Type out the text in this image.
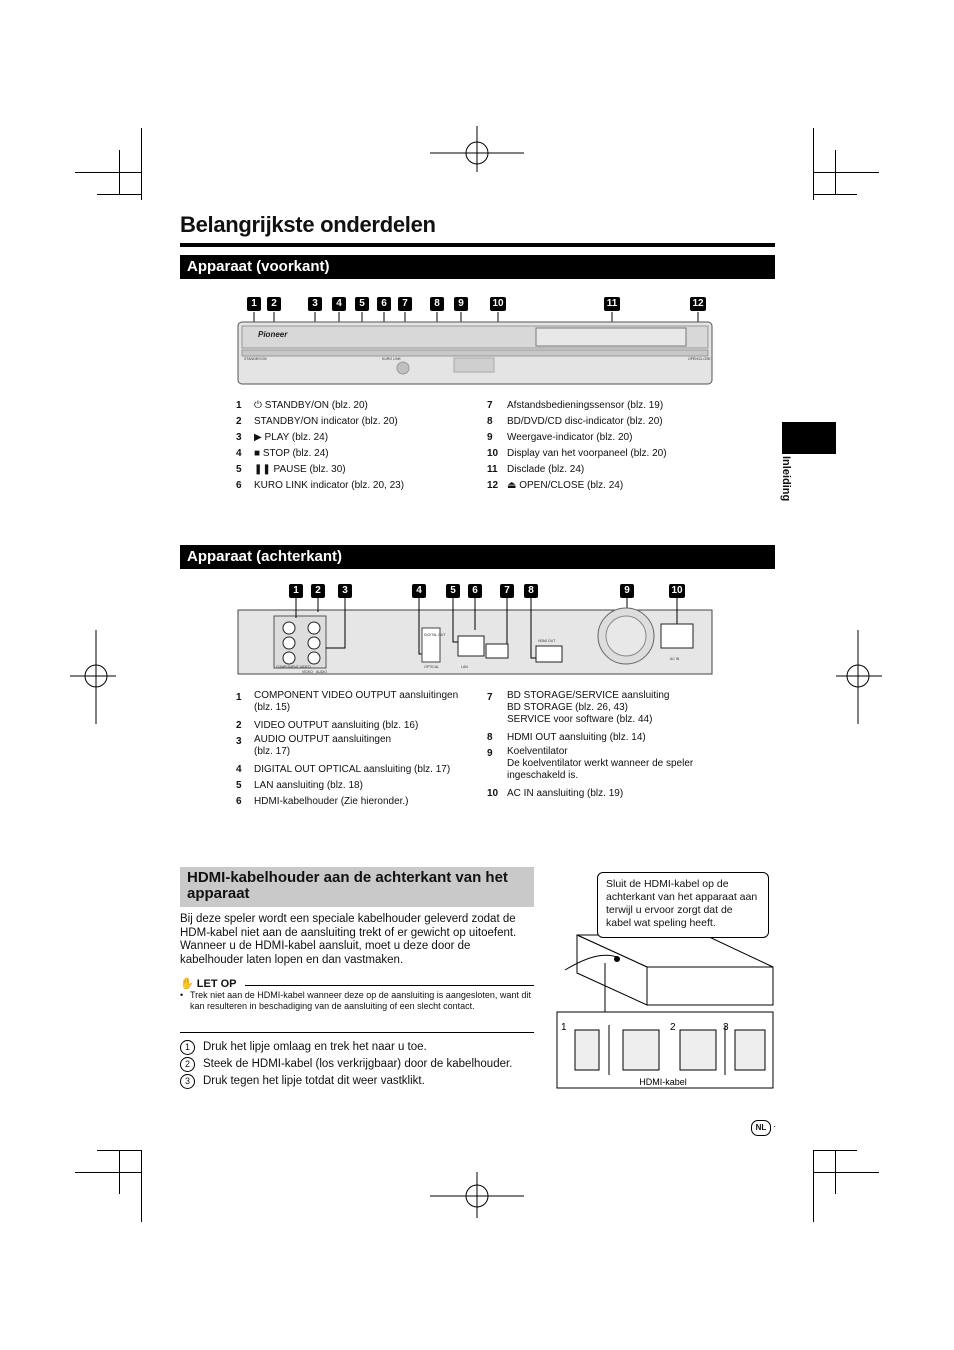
Inleiding
Belangrijkste onderdelen
Apparaat (voorkant)
1	2	3	4	5	6	7	8	9	10	11	12
Pioneer
STANDBY/ON	KURO LINK	OPEN/CLOSE
1	⏻ STANDBY/ON (blz. 20)
2	STANDBY/ON indicator (blz. 20)
3	▶ PLAY (blz. 24)
4	■ STOP (blz. 24)
5	❚❚ PAUSE (blz. 30)
6	KURO LINK indicator (blz. 20, 23)
7	Afstandsbedieningssensor (blz. 19)
8	BD/DVD/CD disc-indicator (blz. 20)
9	Weergave-indicator (blz. 20)
10 Display van het voorpaneel (blz. 20)
11 Disclade (blz. 24)
12 ⏏ OPEN/CLOSE (blz. 24)
Apparaat (achterkant)
1	2	3	4	5	6	7	8	9	10
COMPONENT VIDEO
VIDEO AUDIO
DIGITAL OUT
OPTICAL	LAN
HDMI OUT
AC IN
1	COMPONENT VIDEO OUTPUT aansluitingen
(blz. 15)
2	VIDEO OUTPUT aansluiting (blz. 16)
3	AUDIO OUTPUT aansluitingen
(blz. 17)
4	DIGITAL OUT OPTICAL aansluiting (blz. 17)
5	LAN aansluiting (blz. 18)
6	HDMI-kabelhouder (Zie hieronder.)
7	BD STORAGE/SERVICE aansluiting
BD STORAGE (blz. 26, 43)
SERVICE voor software (blz. 44)
8	HDMI OUT aansluiting (blz. 14)
9	Koelventilator
De koelventilator werkt wanneer de speler
ingeschakeld is.
10 AC IN aansluiting (blz. 19)
HDMI-kabelhouder aan de achterkant van het apparaat
Bij deze speler wordt een speciale kabelhouder geleverd zodat de HDM-kabel niet aan de aansluiting trekt of er gewicht op uitoefent. Wanneer u de HDMI-kabel aansluit, moet u deze door de kabelhouder laten lopen en dan vastmaken.
✋ LET OP
• Trek niet aan de HDMI-kabel wanneer deze op de aansluiting is aangesloten, want dit kan resulteren in beschadiging van de aansluiting of een slecht contact.
1	Druk het lipje omlaag en trek het naar u toe.
2	Steek de HDMI-kabel (los verkrijgbaar) door de kabelhouder.
3	Druk tegen het lipje totdat dit weer vastklikt.
1	2	3
HDMI-kabel
Sluit de HDMI-kabel op de achterkant van het apparaat aan terwijl u ervoor zorgt dat de kabel wat speling heeft.
NL ·
